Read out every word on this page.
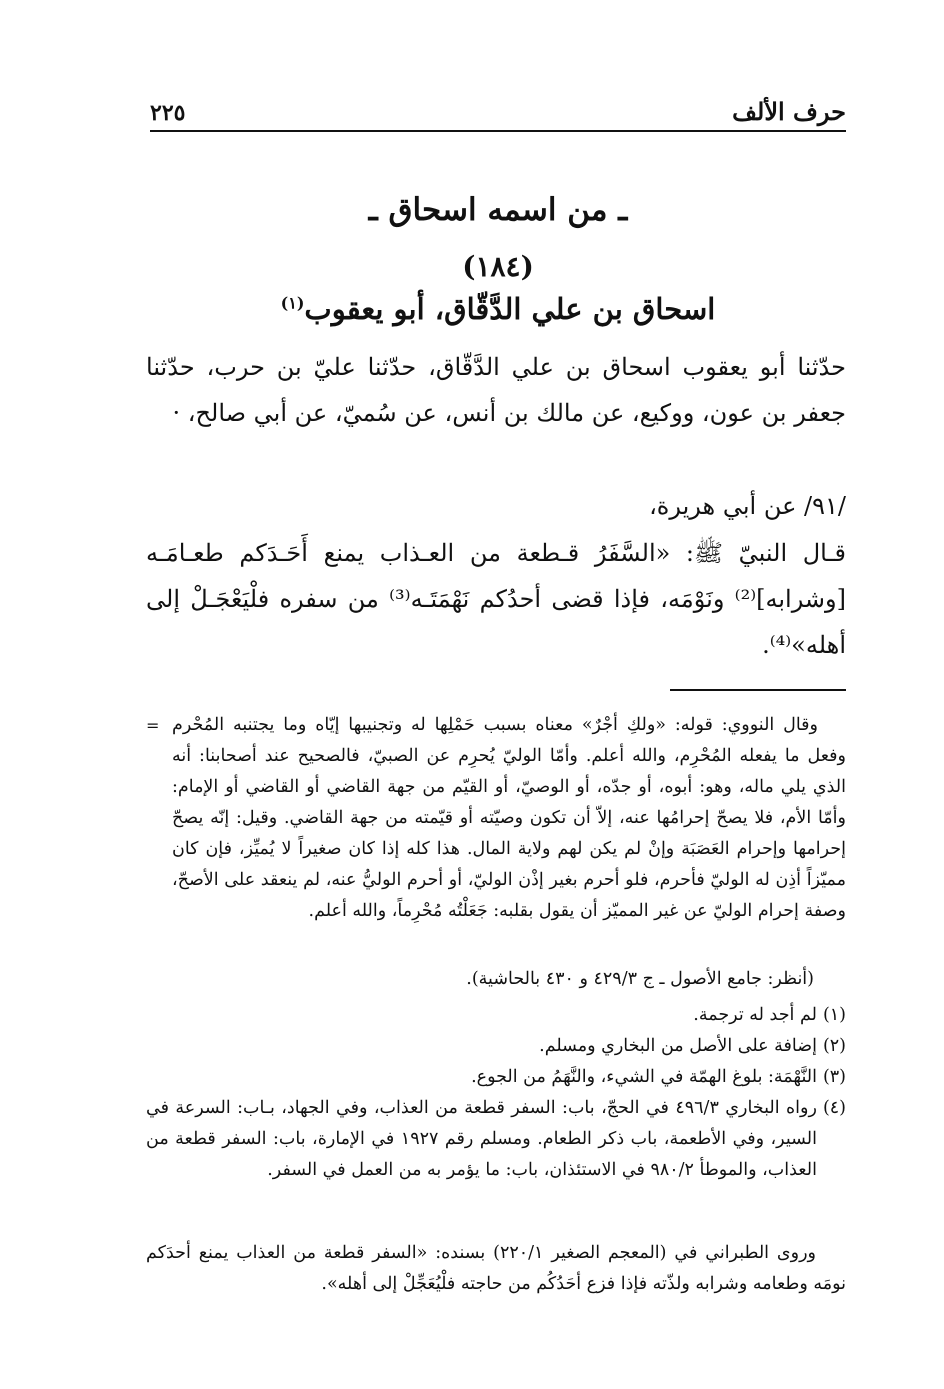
حرف الألف
٢٢٥
ـ من اسمه اسحاق ـ
(١٨٤)
اسحاق بن علي الدَّقّاق، أبو يعقوب$^{(١)}$
حدّثنا أبو يعقوب اسحاق بن علي الدَّقّاق، حدّثنا عليّ بن حرب، حدّثنا جعفر بن عون، ووكيع، عن مالك بن أنس، عن سُميّ، عن أبي صالح، ·
/٩١/ عن أبي هريرة،
قـال النبيّ ﷺ: «السَّفَرُ قـطعة من العـذاب يمنع أَحَـدَكم طعـامَـه [وشرابه]⁽²⁾ ونَوْمَه، فإذا قضى أحدُكم نَهْمَتَـه⁽³⁾ من سفره فلْيَعْجَـلْ إلى أهله»⁽⁴⁾.
= وقال النووي: قوله: «ولكِ أجْرٌ» معناه بسبب حَمْلِها له وتجنيبها إيّاه وما يجتنبه المُحْرم وفعل ما يفعله المُحْرِم، والله أعلم. وأمّا الوليّ يُحرِم عن الصبيّ، فالصحيح عند أصحابنا: أنه الذي يلي ماله، وهو: أبوه، أو جدّه، أو الوصيّ، أو القيّم من جهة القاضي أو القاضي أو الإمام: وأمّا الأم، فلا يصحّ إحرامُها عنه، إلاّ أن تكون وصيّته أو قيّمته من جهة القاضي. وقيل: إنّه يصحّ إحرامها وإحرام العَصَبَة وإنْ لم يكن لهم ولاية المال. هذا كله إذا كان صغيراً لا يُميِّز، فإن كان مميّزاً أذِن له الوليّ فأحرم، فلو أحرم بغير إذْن الوليّ، أو أحرم الوليُّ عنه، لم ينعقد على الأصحّ، وصفة إحرام الوليّ عن غير المميّز أن يقول بقلبه: جَعَلْتُه مُحْرِماً، والله أعلم.
(أنظر: جامع الأصول ـ ج ٤٢٩/٣ و ٤٣٠ بالحاشية).
(١)
لم أجد له ترجمة.
(٢)
إضافة على الأصل من البخاري ومسلم.
(٣)
النَّهْمَة: بلوغ الهمّة في الشيء، والنَّهَمُ من الجوع.
(٤)
رواه البخاري ٤٩٦/٣ في الحجّ، باب: السفر قطعة من العذاب، وفي الجهاد، بـاب: السرعة في السير، وفي الأطعمة، باب ذكر الطعام. ومسلم رقم ١٩٢٧ في الإمارة، باب: السفر قطعة من العذاب، والموطأ ٩٨٠/٢ في الاستئذان، باب: ما يؤمر به من العمل في السفر.
وروى الطبراني في (المعجم الصغير ٢٢٠/١) بسنده: «السفر قطعة من العذاب يمنع أحدَكم نومَه وطعامه وشرابه ولذّته فإذا فزع أحَدُكُم من حاجته فلْيُعَجِّلْ إلى أهله».
